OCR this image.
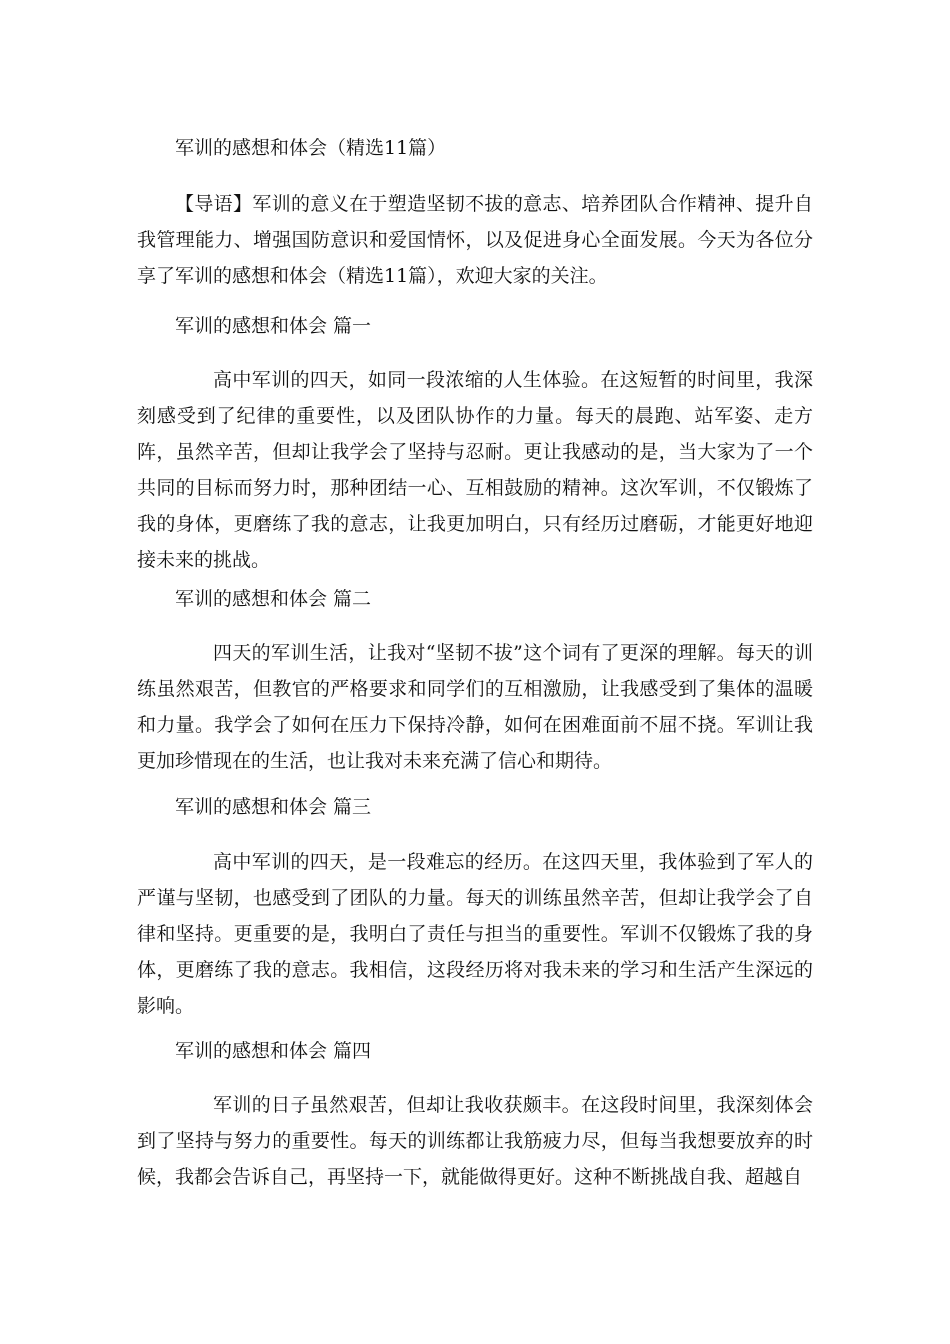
军训的感想和体会（精选11篇）

【导语】军训的意义在于塑造坚韧不拔的意志、培养团队合作精神、提升自我管理能力、增强国防意识和爱国情怀，以及促进身心全面发展。今天为各位分享了军训的感想和体会（精选11篇），欢迎大家的关注。

军训的感想和体会 篇一

高中军训的四天，如同一段浓缩的人生体验。在这短暂的时间里，我深刻感受到了纪律的重要性，以及团队协作的力量。每天的晨跑、站军姿、走方阵，虽然辛苦，但却让我学会了坚持与忍耐。更让我感动的是，当大家为了一个共同的目标而努力时，那种团结一心、互相鼓励的精神。这次军训，不仅锻炼了我的身体，更磨练了我的意志，让我更加明白，只有经历过磨砺，才能更好地迎接未来的挑战。

军训的感想和体会 篇二

四天的军训生活，让我对“坚韧不拔”这个词有了更深的理解。每天的训练虽然艰苦，但教官的严格要求和同学们的互相激励，让我感受到了集体的温暖和力量。我学会了如何在压力下保持冷静，如何在困难面前不屈不挠。军训让我更加珍惜现在的生活，也让我对未来充满了信心和期待。

军训的感想和体会 篇三

高中军训的四天，是一段难忘的经历。在这四天里，我体验到了军人的严谨与坚韧，也感受到了团队的力量。每天的训练虽然辛苦，但却让我学会了自律和坚持。更重要的是，我明白了责任与担当的重要性。军训不仅锻炼了我的身体，更磨练了我的意志。我相信，这段经历将对我未来的学习和生活产生深远的影响。

军训的感想和体会 篇四

军训的日子虽然艰苦，但却让我收获颇丰。在这段时间里，我深刻体会到了坚持与努力的重要性。每天的训练都让我筋疲力尽，但每当我想要放弃的时候，我都会告诉自己，再坚持一下，就能做得更好。这种不断挑战自我、超越自
